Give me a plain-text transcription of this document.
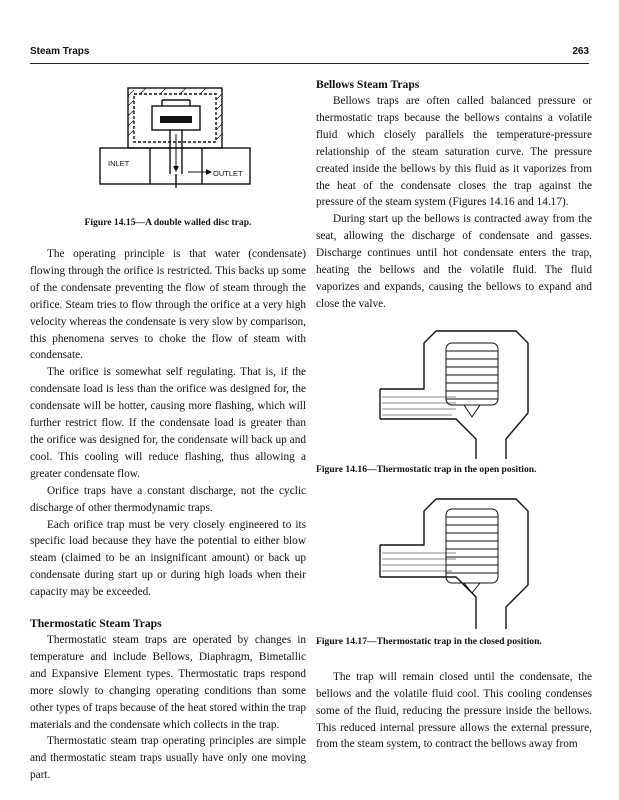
Steam Traps	263
INLET
OUTLET

Figure 14.15—A double walled disc trap.

The operating principle is that water (condensate) flowing through the orifice is restricted. This backs up some of the condensate preventing the flow of steam through the orifice. Steam tries to flow through the orifice at a very high velocity whereas the condensate is very slow by comparison, this phenomena serves to choke the flow of steam with condensate.

The orifice is somewhat self regulating. That is, if the condensate load is less than the orifice was designed for, the condensate will be hotter, causing more flashing, which will further restrict flow. If the condensate load is greater than the orifice was designed for, the condensate will back up and cool. This cooling will reduce flashing, thus allowing a greater condensate flow.

Orifice traps have a constant discharge, not the cyclic discharge of other thermodynamic traps.

Each orifice trap must be very closely engineered to its specific load because they have the potential to either blow steam (claimed to be an insignificant amount) or back up condensate during start up or during high loads when their capacity may be exceeded.

Thermostatic Steam Traps

Thermostatic steam traps are operated by changes in temperature and include Bellows, Diaphragm, Bimetallic and Expansive Element types. Thermostatic traps respond more slowly to changing operating conditions than some other types of traps because of the heat stored within the trap materials and the condensate which collects in the trap.

Thermostatic steam trap operating principles are simple and thermostatic steam traps usually have only one moving part.

Bellows Steam Traps

Bellows traps are often called balanced pressure or thermostatic traps because the bellows contains a volatile fluid which closely parallels the temperature-pressure relationship of the steam saturation curve. The pressure created inside the bellows by this fluid as it vaporizes from the heat of the condensate closes the trap against the pressure of the steam system (Figures 14.16 and 14.17).

During start up the bellows is contracted away from the seat, allowing the discharge of condensate and gasses. Discharge continues until hot condensate enters the trap, heating the bellows and the volatile fluid. The fluid vaporizes and expands, causing the bellows to expand and close the valve.

Figure 14.16—Thermostatic trap in the open position.

Figure 14.17—Thermostatic trap in the closed position.

The trap will remain closed until the condensate, the bellows and the volatile fluid cool. This cooling condenses some of the fluid, reducing the pressure inside the bellows. This reduced internal pressure allows the external pressure, from the steam system, to contract the bellows away from
